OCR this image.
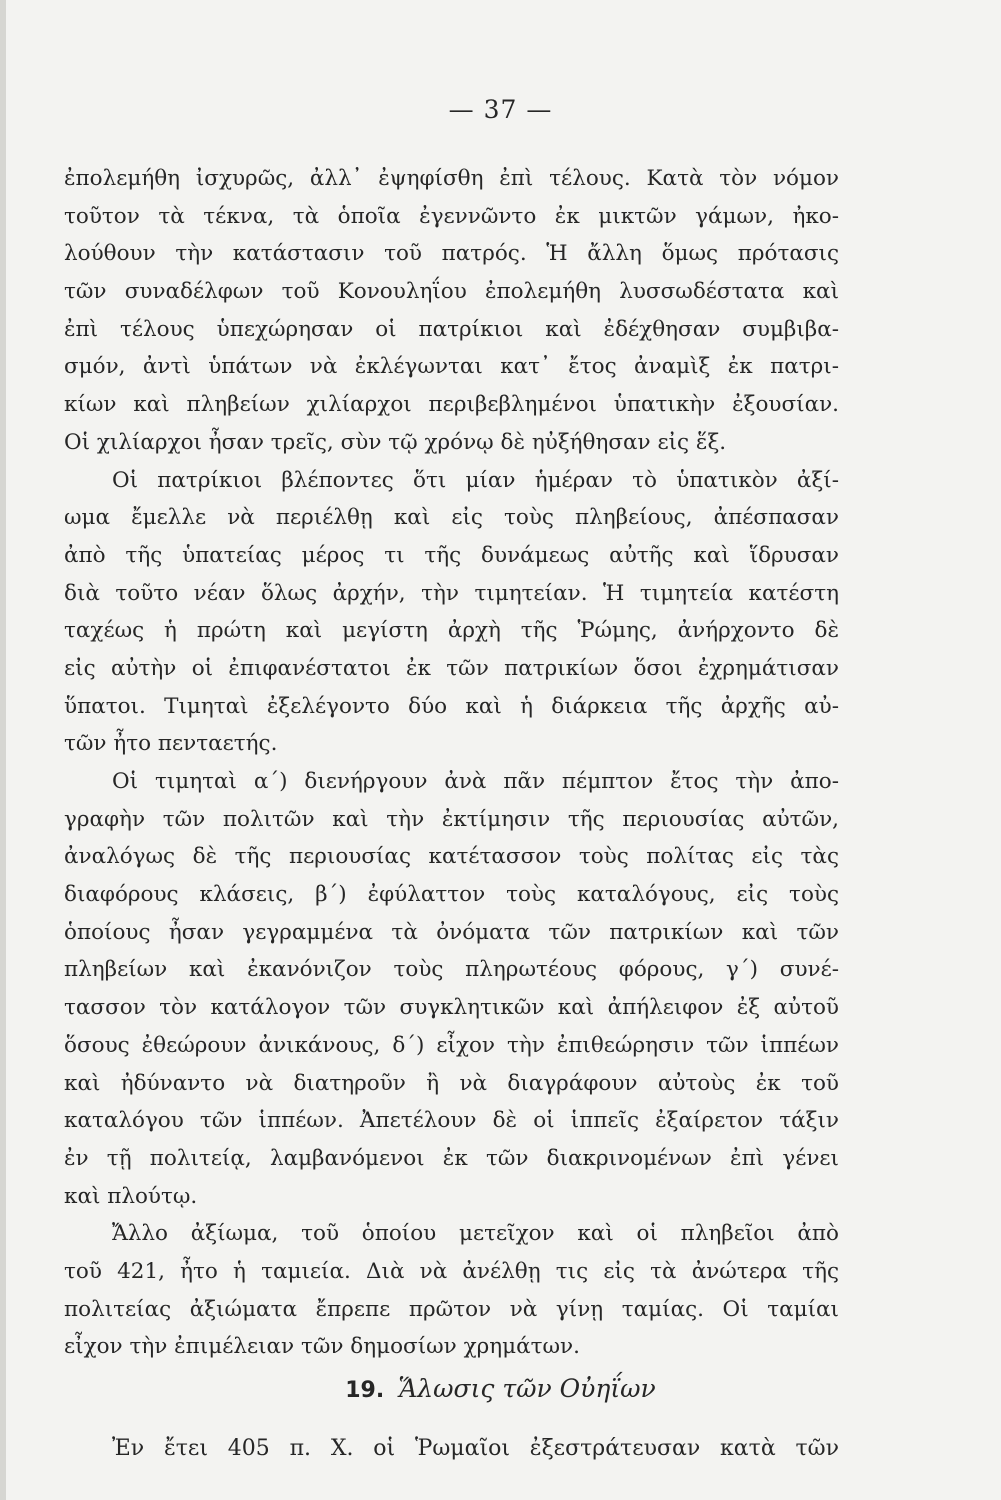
— 37 —
ἐπολεμήθη ἰσχυρῶς, ἀλλ᾽ ἐψηφίσθη ἐπὶ τέλους. Κατὰ τὸν νόμον
τοῦτον τὰ τέκνα, τὰ ὁποῖα ἐγεννῶντο ἐκ μικτῶν γάμων, ἠκο-
λούθουν τὴν κατάστασιν τοῦ πατρός. Ἡ ἄλλη ὅμως πρότασις
τῶν συναδέλφων τοῦ Κονουληΐου ἐπολεμήθη λυσσωδέστατα καὶ
ἐπὶ τέλους ὑπεχώρησαν οἱ πατρίκιοι καὶ ἐδέχθησαν συμβιβα-
σμόν, ἀντὶ ὑπάτων νὰ ἐκλέγωνται κατ᾽ ἔτος ἀναμὶξ ἐκ πατρι-
κίων καὶ πληβείων χιλίαρχοι περιβεβλημένοι ὑπατικὴν ἐξουσίαν.
Οἱ χιλίαρχοι ἦσαν τρεῖς, σὺν τῷ χρόνῳ δὲ ηὐξήθησαν εἰς ἕξ.
Οἱ πατρίκιοι βλέποντες ὅτι μίαν ἡμέραν τὸ ὑπατικὸν ἀξί-
ωμα ἔμελλε νὰ περιέλθῃ καὶ εἰς τοὺς πληβείους, ἀπέσπασαν
ἀπὸ τῆς ὑπατείας μέρος τι τῆς δυνάμεως αὐτῆς καὶ ἵδρυσαν
διὰ τοῦτο νέαν ὅλως ἀρχήν, τὴν τιμητείαν. Ἡ τιμητεία κατέστη
ταχέως ἡ πρώτη καὶ μεγίστη ἀρχὴ τῆς Ῥώμης, ἀνήρχοντο δὲ
εἰς αὐτὴν οἱ ἐπιφανέστατοι ἐκ τῶν πατρικίων ὅσοι ἐχρημάτισαν
ὕπατοι. Τιμηταὶ ἐξελέγοντο δύο καὶ ἡ διάρκεια τῆς ἀρχῆς αὐ-
τῶν ἦτο πενταετής.
Οἱ τιμηταὶ α΄) διενήργουν ἀνὰ πᾶν πέμπτον ἔτος τὴν ἀπο-
γραφὴν τῶν πολιτῶν καὶ τὴν ἐκτίμησιν τῆς περιουσίας αὐτῶν,
ἀναλόγως δὲ τῆς περιουσίας κατέτασσον τοὺς πολίτας εἰς τὰς
διαφόρους κλάσεις, β΄) ἐφύλαττον τοὺς καταλόγους, εἰς τοὺς
ὁποίους ἦσαν γεγραμμένα τὰ ὀνόματα τῶν πατρικίων καὶ τῶν
πληβείων καὶ ἐκανόνιζον τοὺς πληρωτέους φόρους, γ΄) συνέ-
τασσον τὸν κατάλογον τῶν συγκλητικῶν καὶ ἀπήλειφον ἐξ αὐτοῦ
ὅσους ἐθεώρουν ἀνικάνους, δ΄) εἶχον τὴν ἐπιθεώρησιν τῶν ἱππέων
καὶ ἠδύναντο νὰ διατηροῦν ἢ νὰ διαγράφουν αὐτοὺς ἐκ τοῦ
καταλόγου τῶν ἱππέων. Ἀπετέλουν δὲ οἱ ἱππεῖς ἐξαίρετον τάξιν
ἐν τῇ πολιτείᾳ, λαμβανόμενοι ἐκ τῶν διακρινομένων ἐπὶ γένει
καὶ πλούτῳ.
Ἄλλο ἀξίωμα, τοῦ ὁποίου μετεῖχον καὶ οἱ πληβεῖοι ἀπὸ
τοῦ 421, ἦτο ἡ ταμιεία. Διὰ νὰ ἀνέλθῃ τις εἰς τὰ ἀνώτερα τῆς
πολιτείας ἀξιώματα ἔπρεπε πρῶτον νὰ γίνῃ ταμίας. Οἱ ταμίαι
εἶχον τὴν ἐπιμέλειαν τῶν δημοσίων χρημάτων.
19. Ἅλωσις τῶν Οὐηΐων
Ἐν ἔτει 405 π. Χ. οἱ Ῥωμαῖοι ἐξεστράτευσαν κατὰ τῶν
